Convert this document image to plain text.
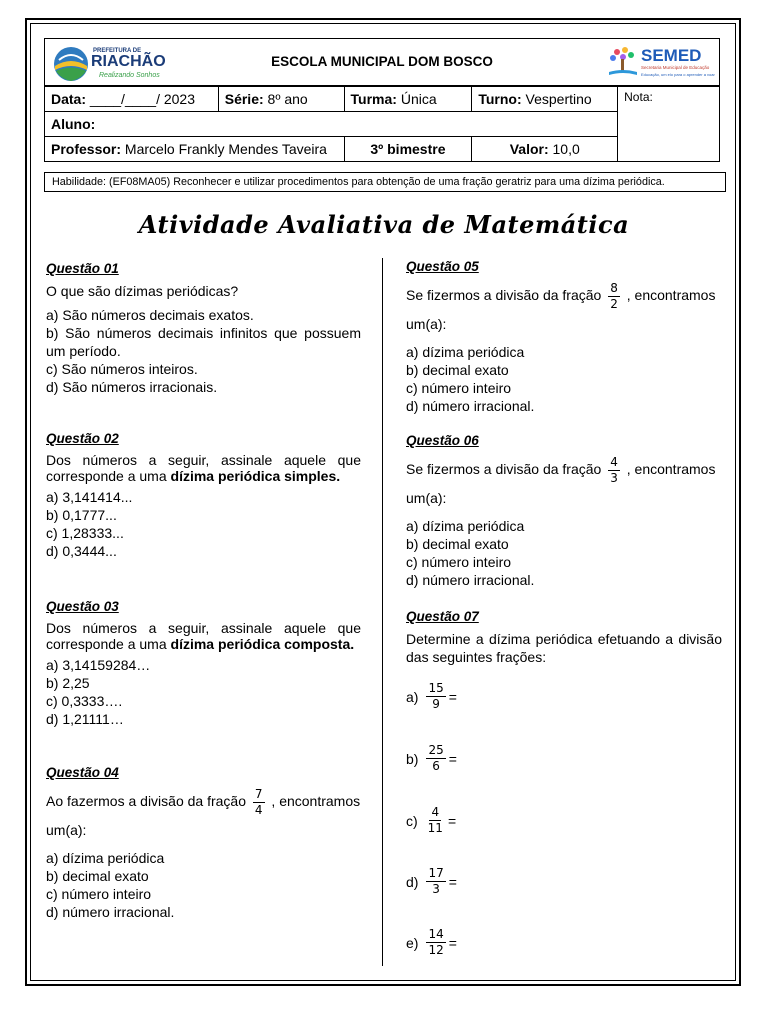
PREFEITURA DE
RIACHÃO
Realizando Sonhos
ESCOLA MUNICIPAL DOM BOSCO	SEMED
Secretaria Municipal de Educação
Educação, um elo para o aprender a voar
Data: ____/____/ 2023	Série: 8º ano	Turma: Única	Turno: Vespertino	Nota:
Aluno:				
Professor: Marcelo Frankly Mendes Taveira		3º bimestre	Valor: 10,0	
Habilidade: (EF08MA05) Reconhecer e utilizar procedimentos para obtenção de uma fração geratriz para uma dízima periódica.
Atividade Avaliativa de Matemática
Questão 01

O que são dízimas periódicas?

a) São números decimais exatos.

b) São números decimais infinitos que possuem um período.

c) São números inteiros.

d) São números irracionais.

Questão 02

Dos números a seguir, assinale aquele que corresponde a uma dízima periódica simples.

a) 3,141414...

b) 0,1777...

c) 1,28333...

d) 0,3444...

Questão 03

Dos números a seguir, assinale aquele que corresponde a uma dízima periódica composta.

a) 3,14159284…

b) 2,25

c) 0,3333….

d) 1,21111…

Questão 04

Ao fazermos a divisão da fração $\frac{7}{4}$ , encontramos

um(a):

a) dízima periódica

b) decimal exato

c) número inteiro

d) número irracional.

Questão 05

Se fizermos a divisão da fração $\frac{8}{2}$ , encontramos

um(a):

a) dízima periódica

b) decimal exato

c) número inteiro

d) número irracional.

Questão 06

Se fizermos a divisão da fração $\frac{4}{3}$ , encontramos

um(a):

a) dízima periódica

b) decimal exato

c) número inteiro

d) número irracional.

Questão 07

Determine a dízima periódica efetuando a divisão das seguintes frações:

$a) \frac{15}{9}$ =
$b) \frac{25}{6}$ =
$c) \frac{4}{11}$ =
$d) \frac{17}{3}$ =
$e) \frac{14}{12}$ =
